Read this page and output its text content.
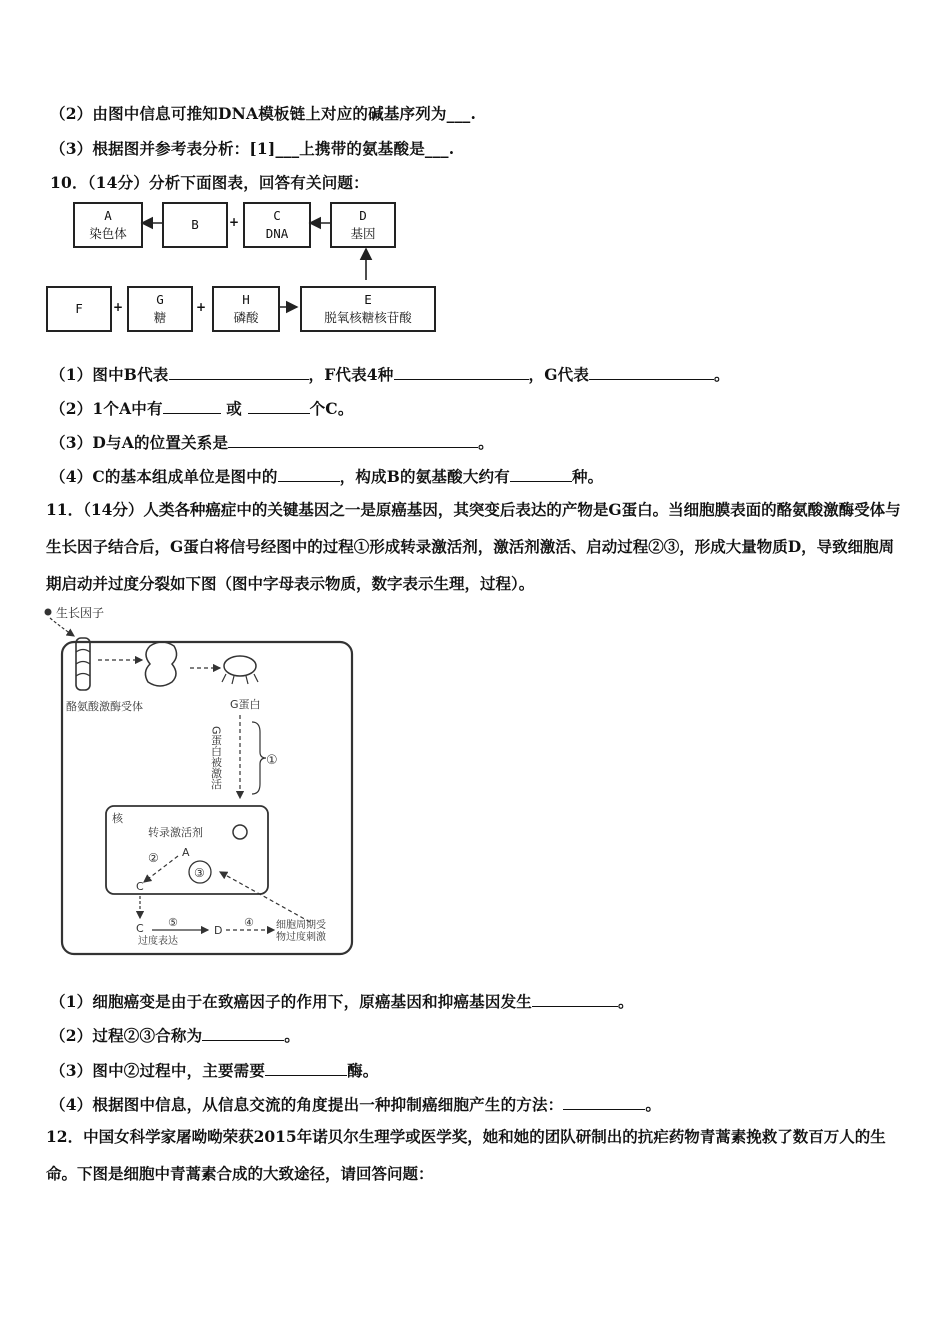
（2）由图中信息可推知DNA模板链上对应的碱基序列为___.
（3）根据图并参考表分析：[1]___上携带的氨基酸是___.
10．（14分）分析下面图表，回答有关问题：
A
染色体
B	+	C
DNA
D
基因
F	+	G
糖
+	H
磷酸
E
脱氧核糖核苷酸
（1）图中B代表	，F代表4种	，G代表	。
（2）1个A中有	或	个C。
（3）D与A的位置关系是	。
（4）C的基本组成单位是图中的	，构成B的氨基酸大约有	种。
11．（14分）人类各种癌症中的关键基因之一是原癌基因，其突变后表达的产物是G蛋白。当细胞膜表面的酪氨酸激酶受体与生长因子结合后，G蛋白将信号经图中的过程①形成转录激活剂，激活剂激活、启动过程②③，形成大量物质D，导致细胞周期启动并过度分裂如下图（图中字母表示物质，数字表示生理，过程）。
生长因子
酪氨酸激酶受体	G蛋白
G蛋白被激活	①
核
转录激活剂
A
②
③
C
C
过度表达
⑤
D
④ 细胞周期受
物过度刺激
（1）细胞癌变是由于在致癌因子的作用下，原癌基因和抑癌基因发生	。
（2）过程②③合称为	。
（3）图中②过程中，主要需要	酶。
（4）根据图中信息，从信息交流的角度提出一种抑制癌细胞产生的方法：	。
12．中国女科学家屠呦呦荣获2015年诺贝尔生理学或医学奖，她和她的团队研制出的抗疟药物青蒿素挽救了数百万人的生命。下图是细胞中青蒿素合成的大致途径，请回答问题：
